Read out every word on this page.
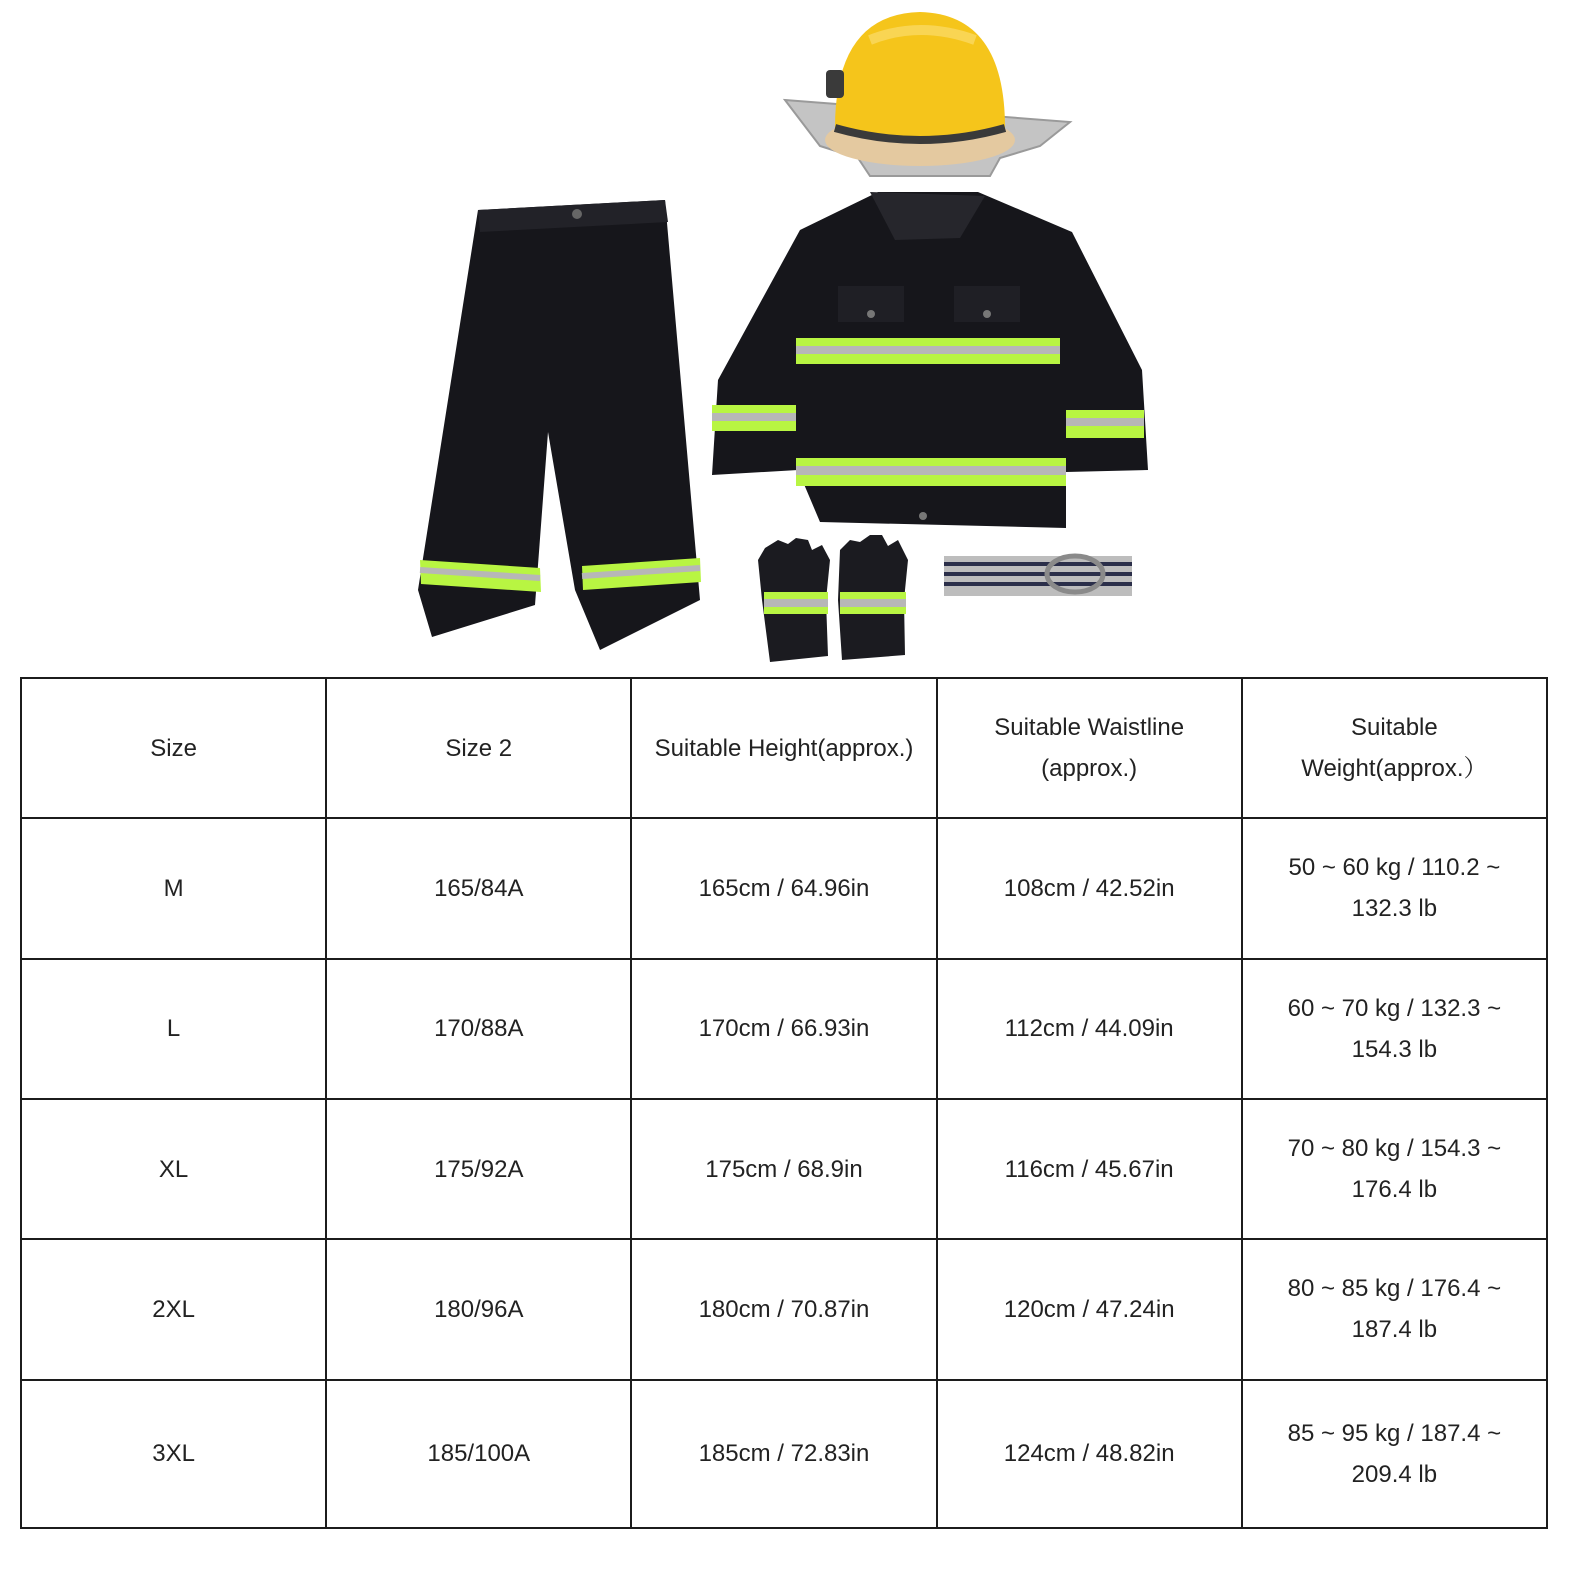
Size	Size 2	Suitable Height(approx.)	Suitable Waistline
(approx.)	Suitable
Weight(approx.）
M	165/84A	165cm / 64.96in	108cm / 42.52in	50 ~ 60 kg / 110.2 ~
132.3 lb
L	170/88A	170cm / 66.93in	112cm / 44.09in	60 ~ 70 kg / 132.3 ~
154.3 lb
XL	175/92A	175cm / 68.9in	116cm / 45.67in	70 ~ 80 kg / 154.3 ~
176.4 lb
2XL	180/96A	180cm / 70.87in	120cm / 47.24in	80 ~ 85 kg / 176.4 ~
187.4 lb
3XL	185/100A	185cm / 72.83in	124cm / 48.82in	85 ~ 95 kg / 187.4 ~
209.4 lb
